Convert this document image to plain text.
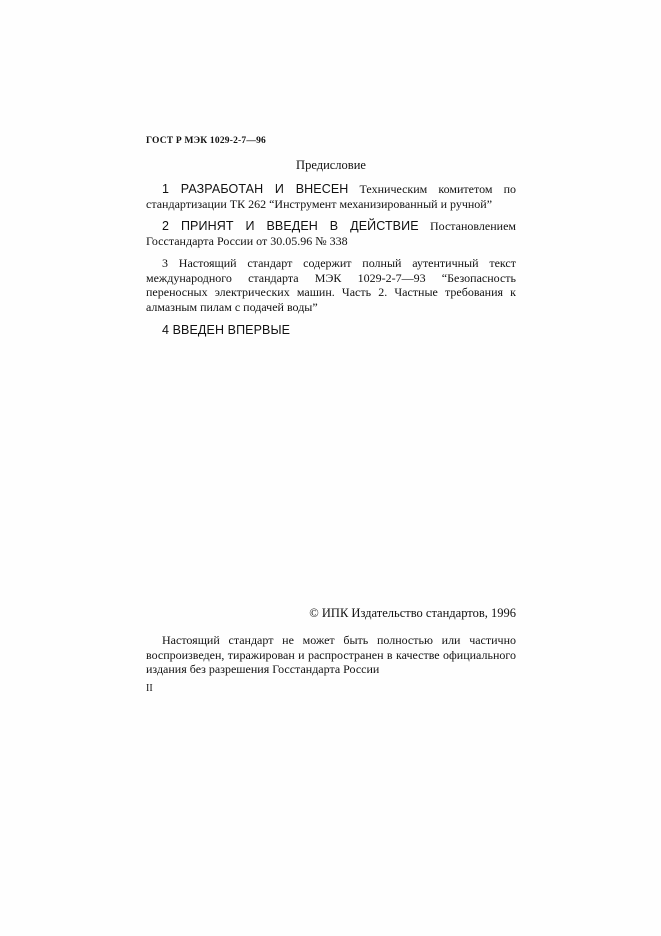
ГОСТ Р МЭК 1029-2-7—96
Предисловие
1 РАЗРАБОТАН И ВНЕСЕН Техническим комитетом по стандартизации ТК 262 “Инструмент механизированный и ручной”
2 ПРИНЯТ И ВВЕДЕН В ДЕЙСТВИЕ Постановлением Госстандарта России от 30.05.96 № 338
3 Настоящий стандарт содержит полный аутентичный текст международного стандарта МЭК 1029-2-7—93 “Безопасность переносных электрических машин. Часть 2. Частные требования к алмазным пилам с подачей воды”
4 ВВЕДЕН ВПЕРВЫЕ
© ИПК Издательство стандартов, 1996
Настоящий стандарт не может быть полностью или частично воспроизведен, тиражирован и распространен в качестве официального издания без разрешения Госстандарта России
II
